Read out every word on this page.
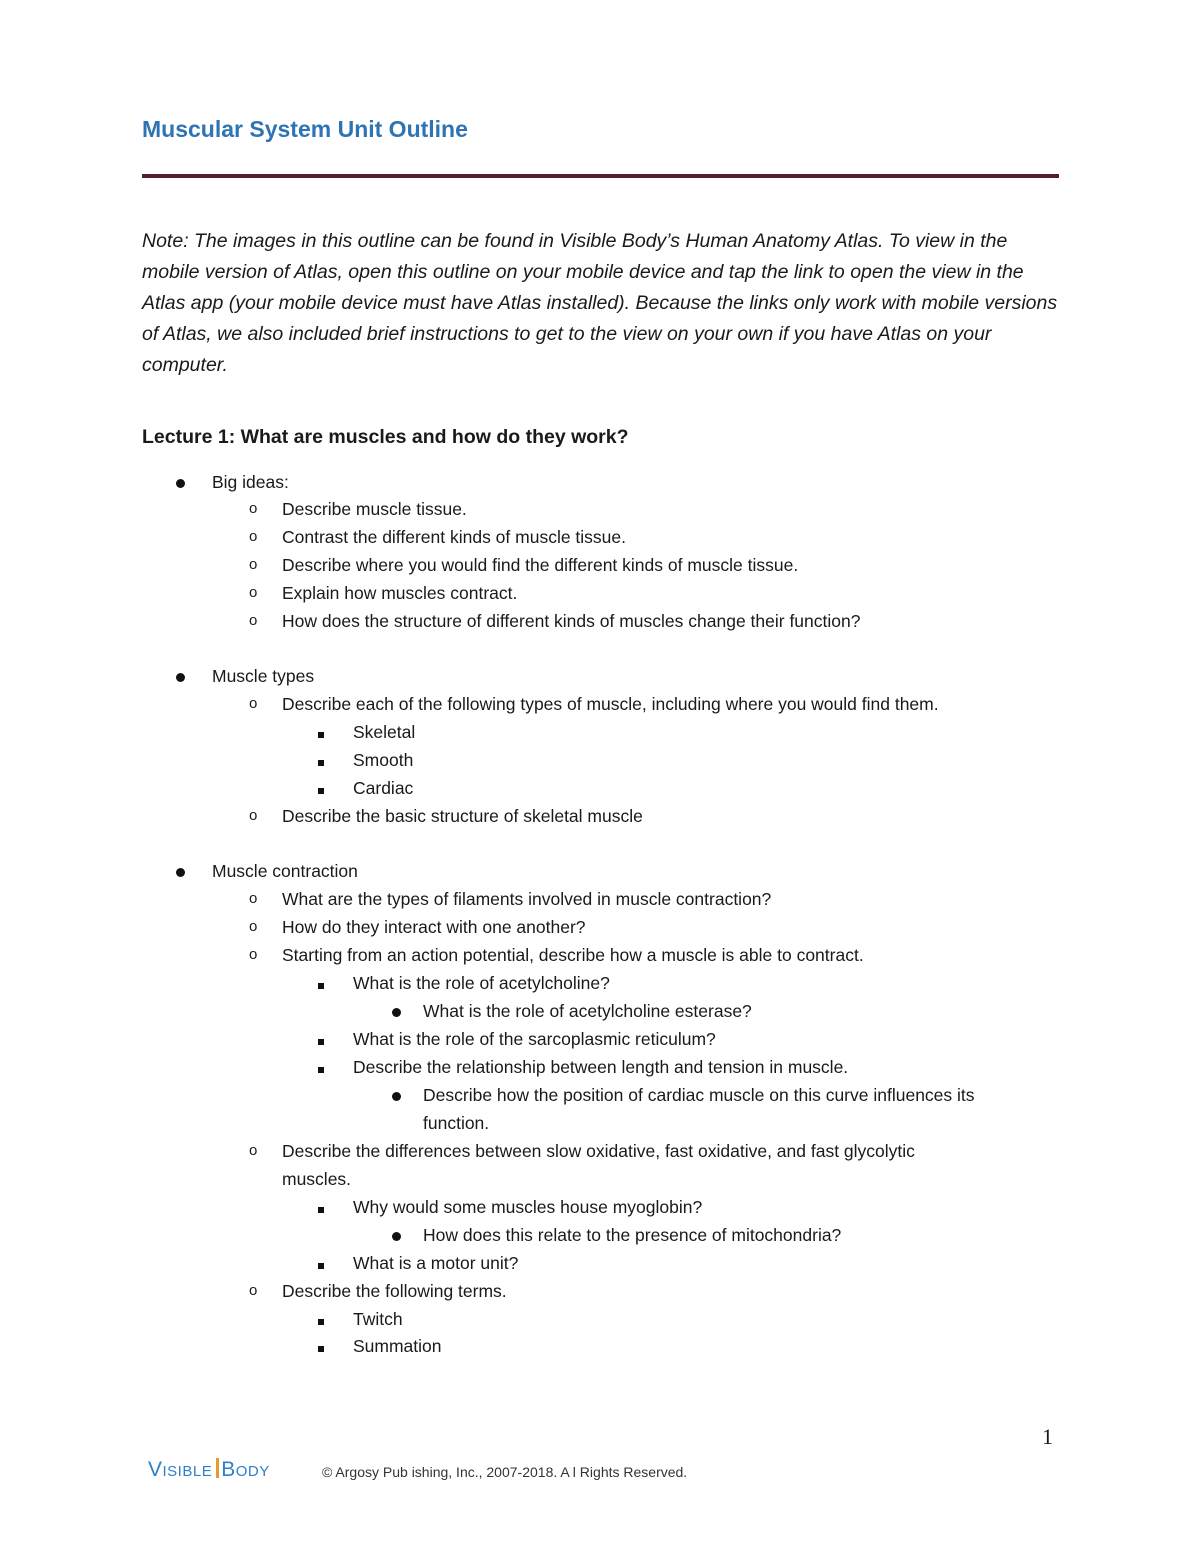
Muscular System Unit Outline
Note: The images in this outline can be found in Visible Body’s Human Anatomy Atlas. To view in the mobile version of Atlas, open this outline on your mobile device and tap the link to open the view in the Atlas app (your mobile device must have Atlas installed). Because the links only work with mobile versions of Atlas, we also included brief instructions to get to the view on your own if you have Atlas on your computer.
Lecture 1: What are muscles and how do they work?
Big ideas:
o Describe muscle tissue.
o Contrast the different kinds of muscle tissue.
o Describe where you would find the different kinds of muscle tissue.
o Explain how muscles contract.
o How does the structure of different kinds of muscles change their function?
Muscle types
o Describe each of the following types of muscle, including where you would find them.
Skeletal
Smooth
Cardiac
o Describe the basic structure of skeletal muscle
Muscle contraction
o What are the types of filaments involved in muscle contraction?
o How do they interact with one another?
o Starting from an action potential, describe how a muscle is able to contract.
What is the role of acetylcholine?
What is the role of acetylcholine esterase?
What is the role of the sarcoplasmic reticulum?
Describe the relationship between length and tension in muscle.
Describe how the position of cardiac muscle on this curve influences its
function.
o Describe the differences between slow oxidative, fast oxidative, and fast glycolytic
muscles.
Why would some muscles house myoglobin?
How does this relate to the presence of mitochondria?
What is a motor unit?
o Describe the following terms.
Twitch
Summation
1
Visible Body	© Argosy Pub ishing, Inc., 2007-2018. A l Rights Reserved.
